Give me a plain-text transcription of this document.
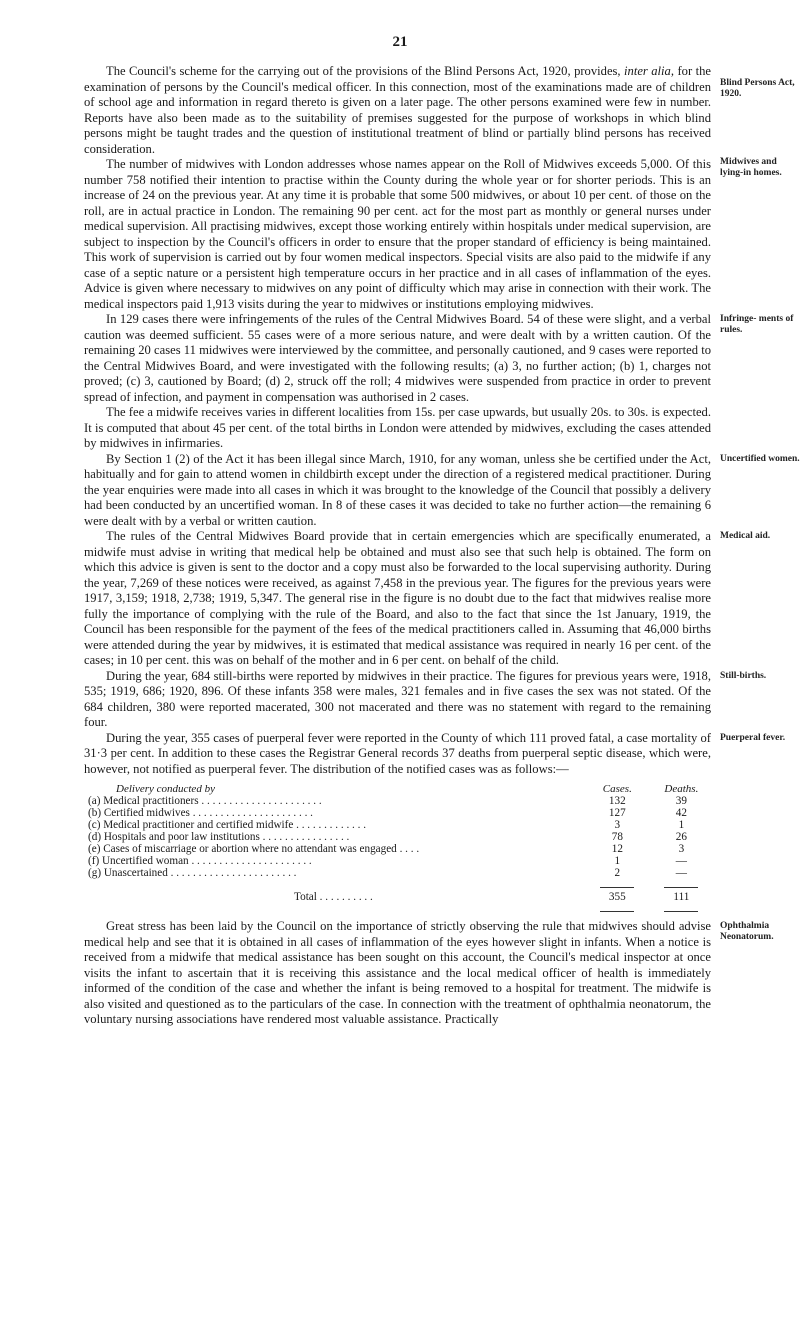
21

Blind Persons Act, 1920.
The Council's scheme for the carrying out of the provisions of the Blind Persons Act, 1920, provides, inter alia, for the examination of persons by the Council's medical officer. In this connection, most of the examinations made are of children of school age and information in regard thereto is given on a later page. The other persons examined were few in number. Reports have also been made as to the suitability of premises suggested for the purpose of workshops in which blind persons might be taught trades and the question of institutional treatment of blind or partially blind persons has received consideration.

Midwives and lying-in homes.
The number of midwives with London addresses whose names appear on the Roll of Midwives exceeds 5,000. Of this number 758 notified their intention to practise within the County during the whole year or for shorter periods. This is an increase of 24 on the previous year. At any time it is probable that some 500 midwives, or about 10 per cent. of those on the roll, are in actual practice in London. The remaining 90 per cent. act for the most part as monthly or general nurses under medical supervision. All practising midwives, except those working entirely within hospitals under medical supervision, are subject to inspection by the Council's officers in order to ensure that the proper standard of efficiency is being maintained. This work of supervision is carried out by four women medical inspectors. Special visits are also paid to the midwife if any case of a septic nature or a persistent high temperature occurs in her practice and in all cases of inflammation of the eyes. Advice is given where necessary to midwives on any point of difficulty which may arise in connection with their work. The medical inspectors paid 1,913 visits during the year to midwives or institutions employing midwives.

Infringe- ments of rules.
In 129 cases there were infringements of the rules of the Central Midwives Board. 54 of these were slight, and a verbal caution was deemed sufficient. 55 cases were of a more serious nature, and were dealt with by a written caution. Of the remaining 20 cases 11 midwives were interviewed by the committee, and personally cautioned, and 9 cases were reported to the Central Midwives Board, and were investigated with the following results; (a) 3, no further action; (b) 1, charges not proved; (c) 3, cautioned by Board; (d) 2, struck off the roll; 4 midwives were suspended from practice in order to prevent spread of infection, and payment in compensation was authorised in 2 cases.

The fee a midwife receives varies in different localities from 15s. per case upwards, but usually 20s. to 30s. is expected. It is computed that about 45 per cent. of the total births in London were attended by midwives, excluding the cases attended by midwives in infirmaries.

Uncertified women.
By Section 1 (2) of the Act it has been illegal since March, 1910, for any woman, unless she be certified under the Act, habitually and for gain to attend women in childbirth except under the direction of a registered medical practitioner. During the year enquiries were made into all cases in which it was brought to the knowledge of the Council that possibly a delivery had been conducted by an uncertified woman. In 8 of these cases it was decided to take no further action—the remaining 6 were dealt with by a verbal or written caution.

Medical aid.
The rules of the Central Midwives Board provide that in certain emergencies which are specifically enumerated, a midwife must advise in writing that medical help be obtained and must also see that such help is obtained. The form on which this advice is given is sent to the doctor and a copy must also be forwarded to the local supervising authority. During the year, 7,269 of these notices were received, as against 7,458 in the previous year. The figures for the previous years were 1917, 3,159; 1918, 2,738; 1919, 5,347. The general rise in the figure is no doubt due to the fact that midwives realise more fully the importance of complying with the rule of the Board, and also to the fact that since the 1st January, 1919, the Council has been responsible for the payment of the fees of the medical practitioners called in. Assuming that 46,000 births were attended during the year by midwives, it is estimated that medical assistance was required in nearly 16 per cent. of the cases; in 10 per cent. this was on behalf of the mother and in 6 per cent. on behalf of the child.

Still-births.
During the year, 684 still-births were reported by midwives in their practice. The figures for previous years were, 1918, 535; 1919, 686; 1920, 896. Of these infants 358 were males, 321 females and in five cases the sex was not stated. Of the 684 children, 380 were reported macerated, 300 not macerated and there was no statement with regard to the remaining four.

Puerperal fever.
During the year, 355 cases of puerperal fever were reported in the County of which 111 proved fatal, a case mortality of 31·3 per cent. In addition to these cases the Registrar General records 37 deaths from puerperal septic disease, which were, however, not notified as puerperal fever. The distribution of the notified cases was as follows:—

Delivery conducted by	Cases.	Deaths.
(a) Medical practitioners . . . . . . . . . . . . . . . . . . . . . .	132	39
(b) Certified midwives . . . . . . . . . . . . . . . . . . . . . .	127	42
(c) Medical practitioner and certified midwife . . . . . . . . . . . . .	3	1
(d) Hospitals and poor law institutions . . . . . . . . . . . . . . . .	78	26
(e) Cases of miscarriage or abortion where no attendant was engaged . . . .	12	3
(f) Uncertified woman . . . . . . . . . . . . . . . . . . . . . .	1	—
(g) Unascertained . . . . . . . . . . . . . . . . . . . . . . .	2	—

Total . . . . . . . . . .	355	111

Ophthalmia Neonatorum.
Great stress has been laid by the Council on the importance of strictly observing the rule that midwives should advise medical help and see that it is obtained in all cases of inflammation of the eyes however slight in infants. When a notice is received from a midwife that medical assistance has been sought on this account, the Council's medical inspector at once visits the infant to ascertain that it is receiving this assistance and the local medical officer of health is immediately informed of the condition of the case and whether the infant is being removed to a hospital for treatment. The midwife is also visited and questioned as to the particulars of the case. In connection with the treatment of ophthalmia neonatorum, the voluntary nursing associations have rendered most valuable assistance. Practically
